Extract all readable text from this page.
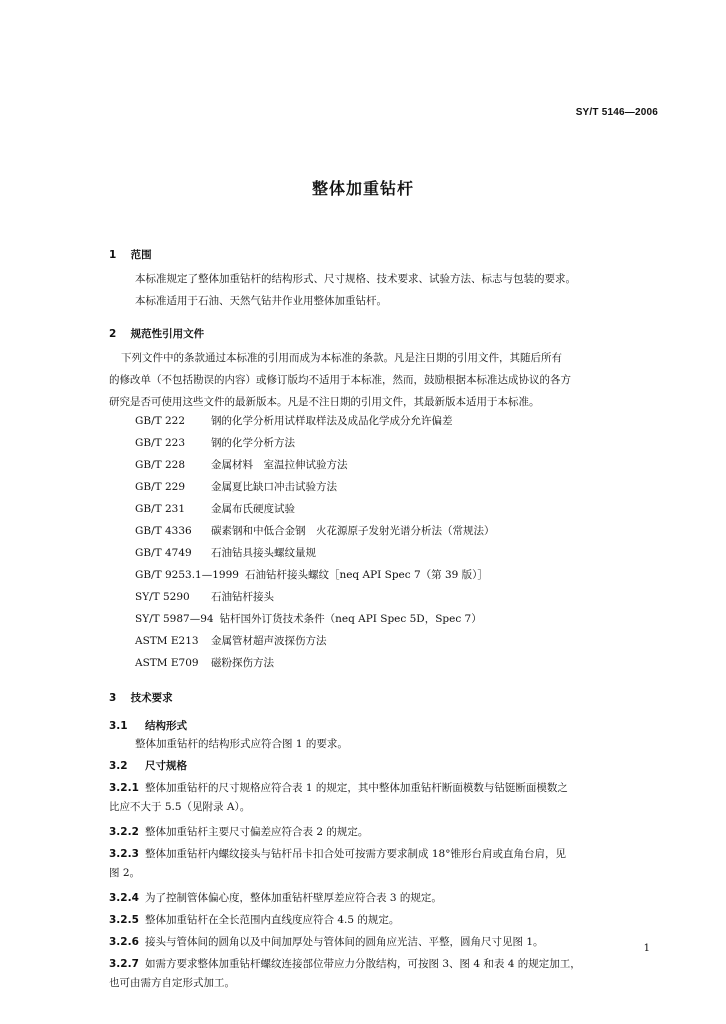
SY/T 5146—2006
整体加重钻杆
1 范围
本标准规定了整体加重钻杆的结构形式、尺寸规格、技术要求、试验方法、标志与包装的要求。
本标准适用于石油、天然气钻井作业用整体加重钻杆。
2 规范性引用文件
下列文件中的条款通过本标准的引用而成为本标准的条款。凡是注日期的引用文件，其随后所有
的修改单（不包括勘误的内容）或修订版均不适用于本标准，然而，鼓励根据本标准达成协议的各方
研究是否可使用这些文件的最新版本。凡是不注日期的引用文件，其最新版本适用于本标准。
GB/T 222 钢的化学分析用试样取样法及成品化学成分允许偏差
GB/T 223 钢的化学分析方法
GB/T 228 金属材料　室温拉伸试验方法
GB/T 229 金属夏比缺口冲击试验方法
GB/T 231 金属布氏硬度试验
GB/T 4336 碳素钢和中低合金钢　火花源原子发射光谱分析法（常规法）
GB/T 4749 石油钻具接头螺纹量规
GB/T 9253.1—1999 石油钻杆接头螺纹［neq API Spec 7（第 39 版）］
SY/T 5290 石油钻杆接头
SY/T 5987—94 钻杆国外订货技术条件（neq API Spec 5D，Spec 7）
ASTM E213 金属管材超声波探伤方法
ASTM E709 磁粉探伤方法
3 技术要求
3.1 结构形式
整体加重钻杆的结构形式应符合图 1 的要求。
3.2 尺寸规格
3.2.1 整体加重钻杆的尺寸规格应符合表 1 的规定，其中整体加重钻杆断面模数与钻铤断面模数之
比应不大于 5.5（见附录 A）。
3.2.2 整体加重钻杆主要尺寸偏差应符合表 2 的规定。
3.2.3 整体加重钻杆内螺纹接头与钻杆吊卡扣合处可按需方要求制成 18°锥形台肩或直角台肩，见
图 2。
3.2.4 为了控制管体偏心度，整体加重钻杆壁厚差应符合表 3 的规定。
3.2.5 整体加重钻杆在全长范围内直线度应符合 4.5 的规定。
3.2.6 接头与管体间的圆角以及中间加厚处与管体间的圆角应光洁、平整，圆角尺寸见图 1。
3.2.7 如需方要求整体加重钻杆螺纹连接部位带应力分散结构，可按图 3、图 4 和表 4 的规定加工，
也可由需方自定形式加工。
1
